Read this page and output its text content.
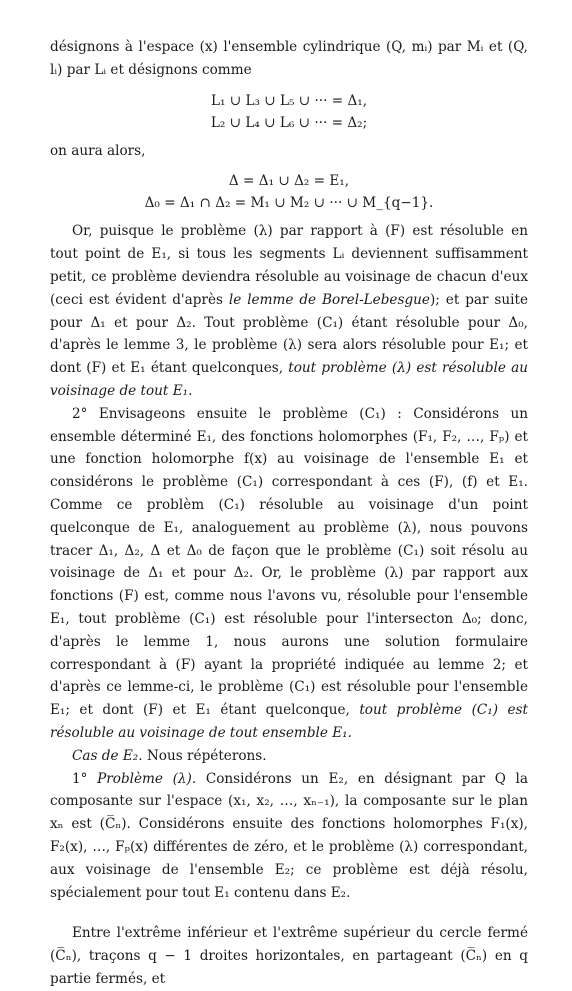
désignons à l'espace (x) l'ensemble cylindrique (Q, mᵢ) par Mᵢ et (Q, lᵢ) par Lᵢ et désignons comme

L₁ ∪ L₃ ∪ L₅ ∪ ··· = Δ₁,
L₂ ∪ L₄ ∪ L₆ ∪ ··· = Δ₂;

on aura alors,

Δ = Δ₁ ∪ Δ₂ = E₁,
Δ₀ = Δ₁ ∩ Δ₂ = M₁ ∪ M₂ ∪ ··· ∪ M_{q−1}.

Or, puisque le problème (λ) par rapport à (F) est résoluble en tout point de E₁, si tous les segments Lᵢ deviennent suffisamment petit, ce problème deviendra résoluble au voisinage de chacun d'eux (ceci est évident d'après le lemme de Borel-Lebesgue); et par suite pour Δ₁ et pour Δ₂. Tout problème (C₁) étant résoluble pour Δ₀, d'après le lemme 3, le problème (λ) sera alors résoluble pour E₁; et dont (F) et E₁ étant quelconques, tout problème (λ) est résoluble au voisinage de tout E₁.

2° Envisageons ensuite le problème (C₁) : Considérons un ensemble déterminé E₁, des fonctions holomorphes (F₁, F₂, …, Fₚ) et une fonction holomorphe f(x) au voisinage de l'ensemble E₁ et considérons le problème (C₁) correspondant à ces (F), (f) et E₁. Comme ce problèm (C₁) résoluble au voisinage d'un point quelconque de E₁, analoguement au problème (λ), nous pouvons tracer Δ₁, Δ₂, Δ et Δ₀ de façon que le problème (C₁) soit résolu au voisinage de Δ₁ et pour Δ₂. Or, le problème (λ) par rapport aux fonctions (F) est, comme nous l'avons vu, résoluble pour l'ensemble E₁, tout problème (C₁) est résoluble pour l'intersecton Δ₀; donc, d'après le lemme 1, nous aurons une solution formulaire correspondant à (F) ayant la propriété indiquée au lemme 2; et d'après ce lemme-ci, le problème (C₁) est résoluble pour l'ensemble E₁; et dont (F) et E₁ étant quelconque, tout problème (C₁) est résoluble au voisinage de tout ensemble E₁.

Cas de E₂. Nous répéterons.

1° Problème (λ). Considérons un E₂, en désignant par Q la composante sur l'espace (x₁, x₂, …, xₙ₋₁), la composante sur le plan xₙ est (C̅ₙ). Considérons ensuite des fonctions holomorphes F₁(x), F₂(x), …, Fₚ(x) différentes de zéro, et le problème (λ) correspondant, aux voisinage de l'ensemble E₂; ce problème est déjà résolu, spécialement pour tout E₁ contenu dans E₂.

Entre l'extrême inférieur et l'extrême supérieur du cercle fermé (C̅ₙ), traçons q − 1 droites horizontales, en partageant (C̅ₙ) en q partie fermés, et
